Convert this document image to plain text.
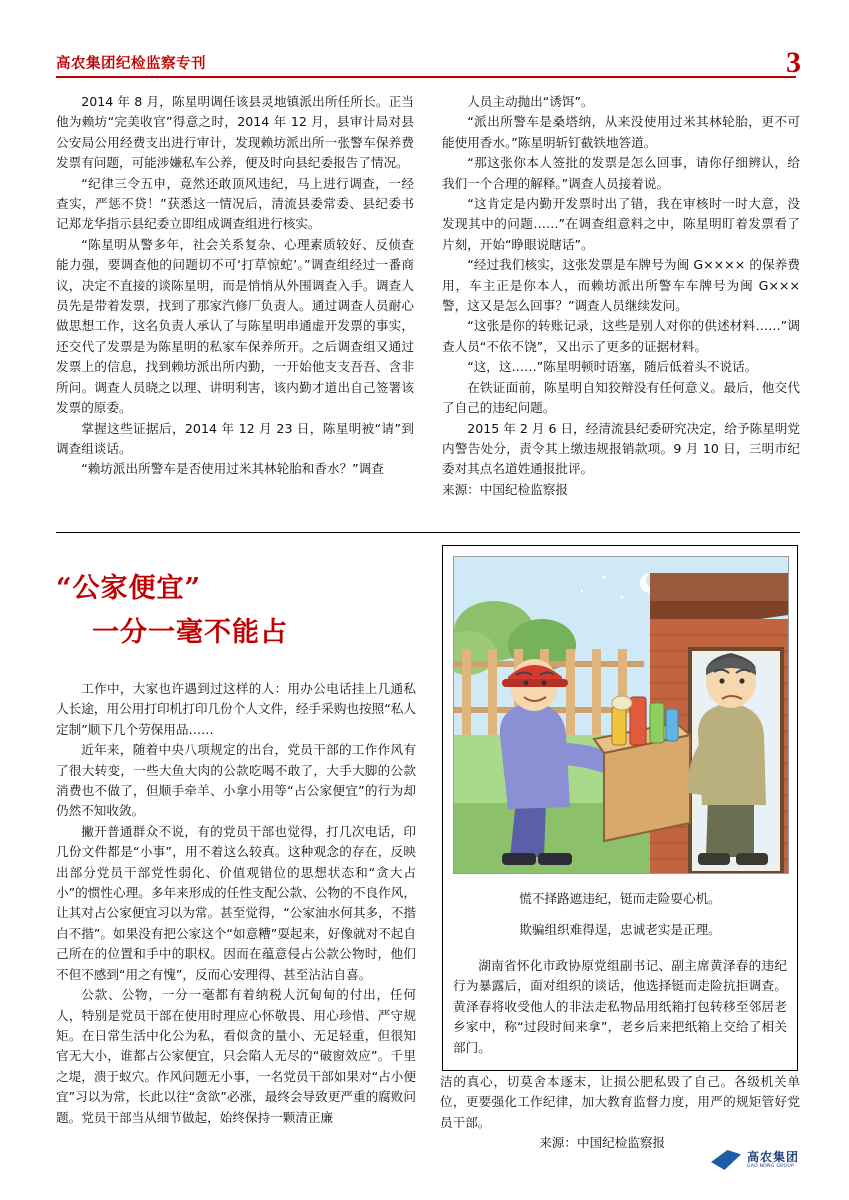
高农集团纪检监察专刊	3

2014 年 8 月，陈星明调任该县灵地镇派出所任所长。正当他为赖坊“完美收官”得意之时，2014 年 12 月，县审计局对县公安局公用经费支出进行审计，发现赖坊派出所一张警车保养费发票有问题，可能涉嫌私车公养，便及时向县纪委报告了情况。

“纪律三令五申，竟然还敢顶风违纪，马上进行调查，一经查实，严惩不贷！”获悉这一情况后，清流县委常委、县纪委书记郑龙华指示县纪委立即组成调查组进行核实。

“陈星明从警多年，社会关系复杂、心理素质较好、反侦查能力强，要调查他的问题切不可‘打草惊蛇’。”调查组经过一番商议，决定不直接的谈陈星明，而是悄悄从外围调查入手。调查人员先是带着发票，找到了那家汽修厂负责人。通过调查人员耐心做思想工作，这名负责人承认了与陈星明串通虚开发票的事实，还交代了发票是为陈星明的私家车保养所开。之后调查组又通过发票上的信息，找到赖坊派出所内勤，一开始他支支吾吾、含非所问。调查人员晓之以理、讲明利害，该内勤才道出自己签署该发票的原委。

掌握这些证据后，2014 年 12 月 23 日，陈星明被“请”到调查组谈话。

“赖坊派出所警车是否使用过米其林轮胎和香水？”调查

人员主动抛出“诱饵”。

“派出所警车是桑塔纳，从来没使用过米其林轮胎，更不可能使用香水。”陈星明斩钉截铁地答道。

“那这张你本人签批的发票是怎么回事，请你仔细辨认，给我们一个合理的解释。”调查人员接着说。

“这肯定是内勤开发票时出了错，我在审核时一时大意，没发现其中的问题……”在调查组意料之中，陈星明盯着发票看了片刻，开始“睁眼说瞎话”。

“经过我们核实，这张发票是车牌号为闽 G×××× 的保养费用，车主正是你本人，而赖坊派出所警车车牌号为闽 G××× 警，这又是怎么回事？”调查人员继续发问。

“这张是你的转账记录，这些是别人对你的供述材料……”调查人员“不依不饶”，又出示了更多的证据材料。

“这，这……”陈星明顿时语塞，随后低着头不说话。

在铁证面前，陈星明自知狡辩没有任何意义。最后，他交代了自己的违纪问题。

2015 年 2 月 6 日，经清流县纪委研究决定，给予陈星明党内警告处分，责令其上缴违规报销款项。9 月 10 日，三明市纪委对其点名道姓通报批评。

来源：中国纪检监察报

“公家便宜”
一分一毫不能占

工作中，大家也许遇到过这样的人：用办公电话挂上几通私人长途，用公用打印机打印几份个人文件，经手采购也按照“私人定制”顺下几个劳保用品……

近年来，随着中央八项规定的出台，党员干部的工作作风有了很大转变，一些大鱼大肉的公款吃喝不敢了，大手大脚的公款消费也不做了，但顺手牵羊、小拿小用等“占公家便宜”的行为却仍然不知收敛。

撇开普通群众不说，有的党员干部也觉得，打几次电话，印几份文件都是“小事”，用不着这么较真。这种观念的存在，反映出部分党员干部党性弱化、价值观错位的思想状态和“贪大占小”的惯性心理。多年来形成的任性支配公款、公物的不良作风，让其对占公家便宜习以为常。甚至觉得，“公家油水何其多，不揩白不揩”。如果没有把公家这个“如意糟”耍起来，好像就对不起自己所在的位置和手中的职权。因而在蕴意侵占公款公物时，他们不但不感到“用之有愧”，反而心安理得、甚至沾沾自喜。

公款、公物，一分一毫都有着纳税人沉甸甸的付出，任何人，特别是党员干部在使用时理应心怀敬畏、用心珍惜、严守规矩。在日常生活中化公为私，看似贪的量小、无足轻重，但很知官无大小，谁都占公家便宜，只会陷人无尽的“破窗效应”。千里之堤，溃于蚁穴。作风问题无小事，一名党员干部如果对“占小便宜”习以为常，长此以往“贪欲”必涨，最终会导致更严重的腐败问题。党员干部当从细节做起，始终保持一颗清正廉

慌不择路遮违纪，铤而走险耍心机。
欺骗组织难得逞，忠诚老实是正理。

湖南省怀化市政协原党组副书记、副主席黄泽春的违纪行为暴露后，面对组织的谈话，他选择铤而走险抗拒调查。黄泽春将收受他人的非法走私物品用纸箱打包转移至邻居老乡家中，称“过段时间来拿”，老乡后来把纸箱上交给了相关部门。

洁的真心，切莫舍本逐末，让损公肥私毁了自己。各级机关单位，更要强化工作纪律，加大教育监督力度，用严的规矩管好党员干部。

来源：中国纪检监察报

高农集团
GAO NONG GROUP
